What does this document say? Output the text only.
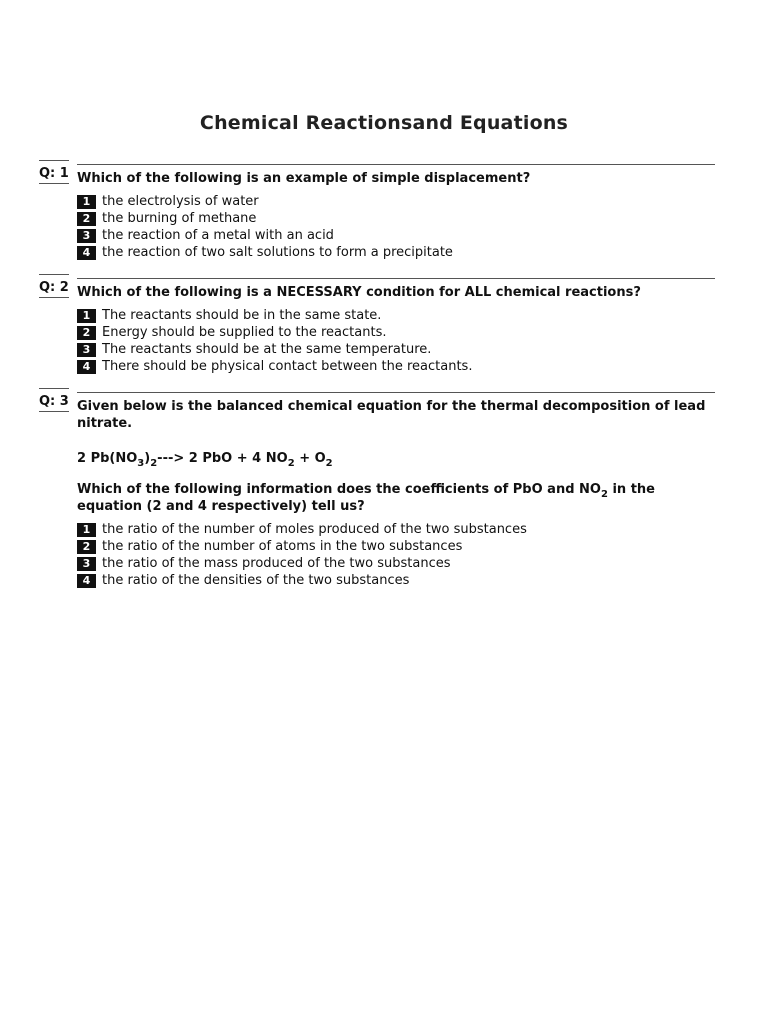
Chemical Reactionsand Equations
Q: 1 Which of the following is an example of simple displacement?
1 the electrolysis of water
2 the burning of methane
3 the reaction of a metal with an acid
4 the reaction of two salt solutions to form a precipitate
Q: 2 Which of the following is a NECESSARY condition for ALL chemical reactions?
1 The reactants should be in the same state.
2 Energy should be supplied to the reactants.
3 The reactants should be at the same temperature.
4 There should be physical contact between the reactants.
Q: 3 Given below is the balanced chemical equation for the thermal decomposition of lead nitrate.
2 $Pb(NO_3)_2---> 2$ PbO + 4 $NO_2 + O_2$
Which of the following information does the coefficients of PbO and $NO_2$ in the equation (2 and 4 respectively) tell us?
1 the ratio of the number of moles produced of the two substances
2 the ratio of the number of atoms in the two substances
3 the ratio of the mass produced of the two substances
4 the ratio of the densities of the two substances
